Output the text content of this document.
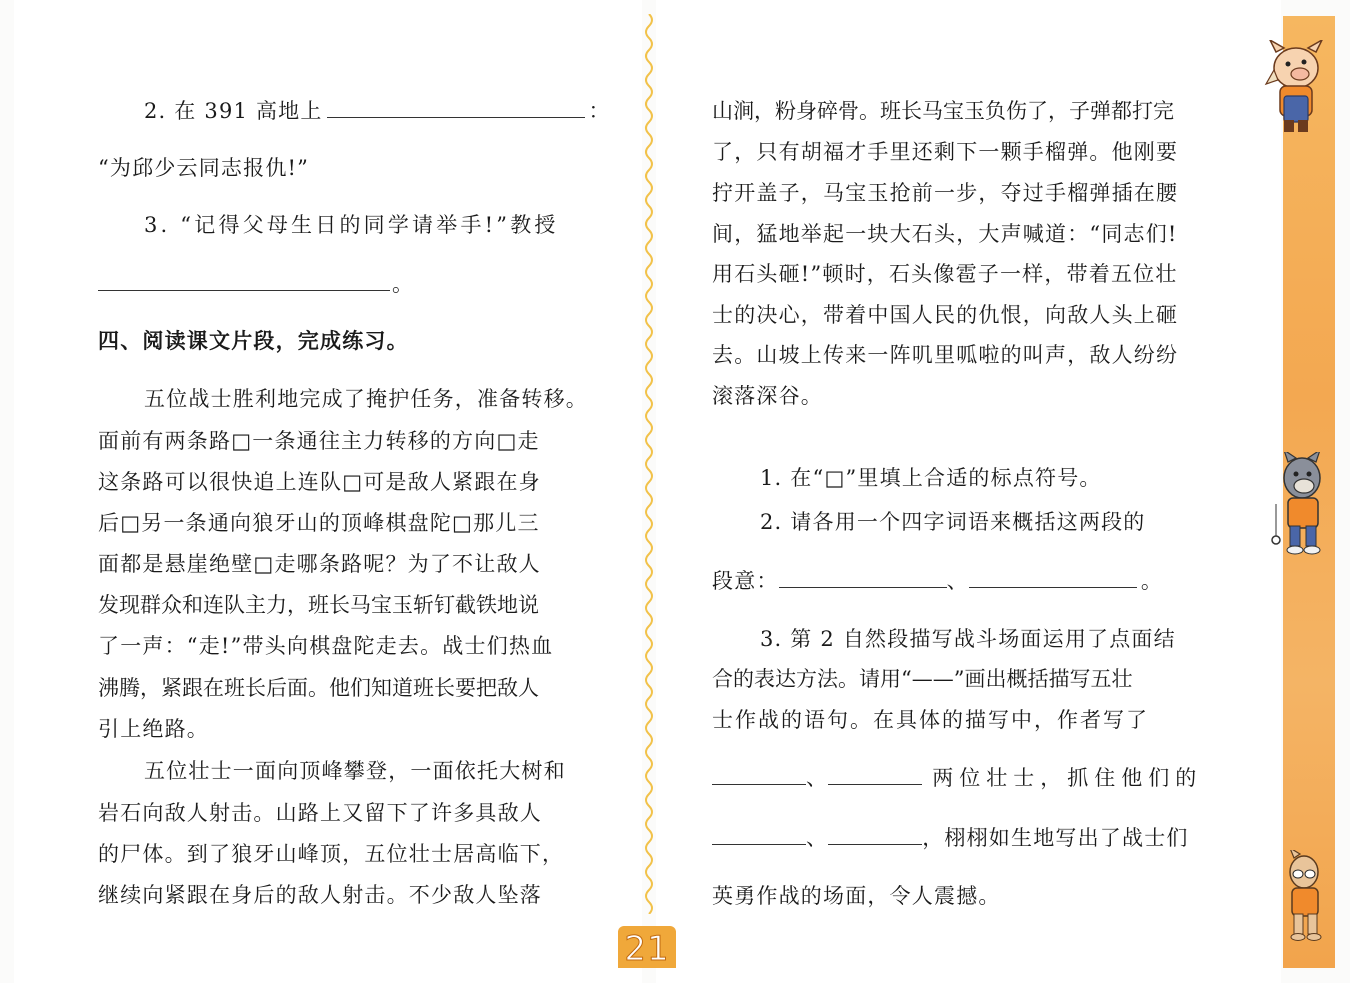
2. 在 391 高地上	：
“为邱少云同志报仇!”
3. “记得父母生日的同学请举手!”教授
。
四、阅读课文片段，完成练习。
五位战士胜利地完成了掩护任务，准备转移。
面前有两条路□一条通往主力转移的方向□走
这条路可以很快追上连队□可是敌人紧跟在身
后□另一条通向狼牙山的顶峰棋盘陀□那儿三
面都是悬崖绝壁□走哪条路呢？为了不让敌人
发现群众和连队主力，班长马宝玉斩钉截铁地说
了一声：“走!”带头向棋盘陀走去。战士们热血
沸腾，紧跟在班长后面。他们知道班长要把敌人
引上绝路。
五位壮士一面向顶峰攀登，一面依托大树和
岩石向敌人射击。山路上又留下了许多具敌人
的尸体。到了狼牙山峰顶，五位壮士居高临下，
继续向紧跟在身后的敌人射击。不少敌人坠落
山涧，粉身碎骨。班长马宝玉负伤了，子弹都打完
了，只有胡福才手里还剩下一颗手榴弹。他刚要
拧开盖子，马宝玉抢前一步，夺过手榴弹插在腰
间，猛地举起一块大石头，大声喊道：“同志们!
用石头砸!”顿时，石头像雹子一样，带着五位壮
士的决心，带着中国人民的仇恨，向敌人头上砸
去。山坡上传来一阵叽里呱啦的叫声，敌人纷纷
滚落深谷。
1. 在“□”里填上合适的标点符号。
2. 请各用一个四字词语来概括这两段的
段意：	、	。
3. 第 2 自然段描写战斗场面运用了点面结
合的表达方法。请用“——”画出概括描写五壮
士作战的语句。在具体的描写中，作者写了
、	两位壮士，抓住他们的
、	，栩栩如生地写出了战士们
英勇作战的场面，令人震撼。
21
